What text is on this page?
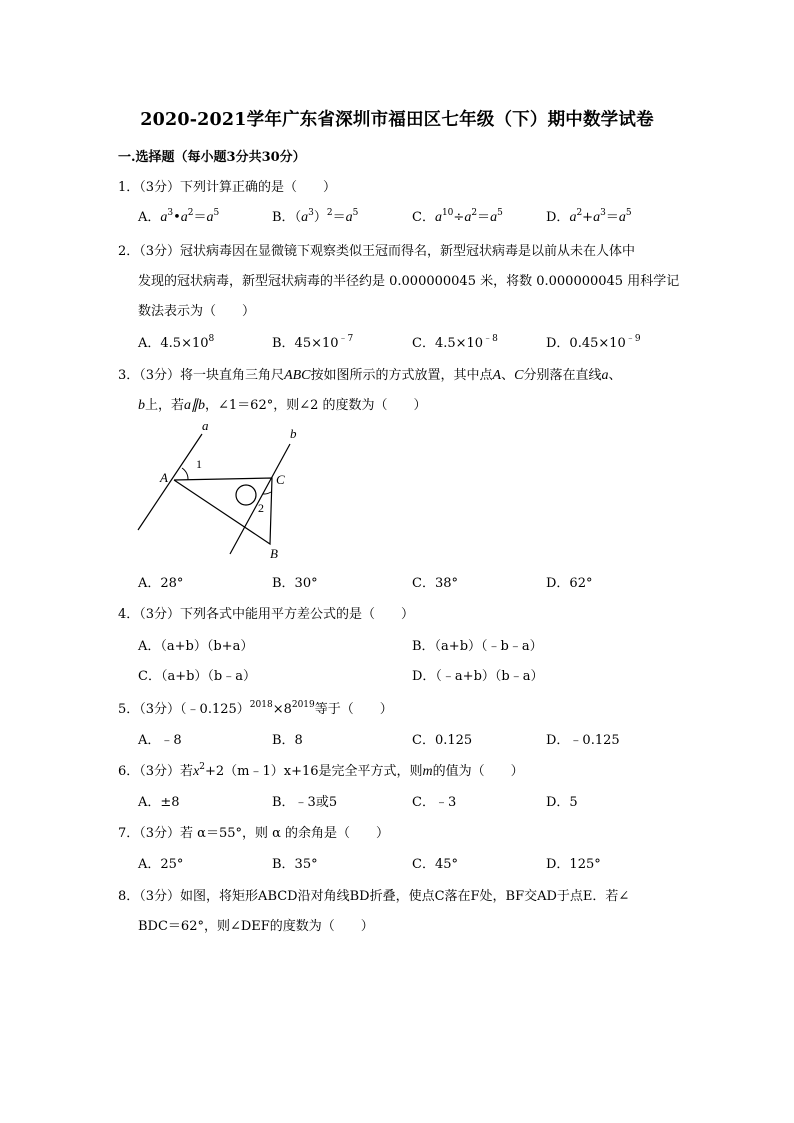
2020-2021学年广东省深圳市福田区七年级（下）期中数学试卷
一.选择题（每小题3分共30分）
1．（3分）下列计算正确的是（　　）
A．$a^3•a^2=a^5$	B．$(a^3)^2=a^5$	C．$a^{10}\div a^2=a^5$	D．$a^2+a^3=a^5$
2．（3分）冠状病毒因在显微镜下观察类似王冠而得名，新型冠状病毒是以前从未在人体中
发现的冠状病毒，新型冠状病毒的半径约是 0.000000045 米，将数 0.000000045 用科学记
数法表示为（　　）
A．$4.5\times 10^8$	B．$45\times 10^{﹣7}$	C．$4.5\times 10^{﹣8}$	D．$0.45\times 10^{﹣9}$
3．（3分）将一块直角三角尺ABC按如图所示的方式放置，其中点A、C分别落在直线a、
b上，若a∥b，∠1＝62°，则∠2 的度数为（　　）
a
b
A	C
B
1
2
A．28°	B．30°	C．38°	D．62°
4．（3分）下列各式中能用平方差公式的是（　　）
A．（a+b）（b+a）	B．（a+b）（﹣b﹣a）
C．（a+b）（b﹣a）	D．（﹣a+b）（b﹣a）
5．（3分）$(﹣0.125)^{2018}\times 8^{2019}$等于（　　）
A．﹣8	B．8	C．0.125	D．﹣0.125
6．（3分）若$x^2+2(m﹣1)x+16$是完全平方式，则m的值为（　　）
A．±8	B．﹣3或5	C．﹣3	D．5
7．（3分）若 α＝55°，则 α 的余角是（　　）
A．25°	B．35°	C．45°	D．125°
8．（3分）如图，将矩形ABCD沿对角线BD折叠，使点C落在F处，BF交AD于点E．若∠
BDC＝62°，则∠DEF的度数为（　　）
